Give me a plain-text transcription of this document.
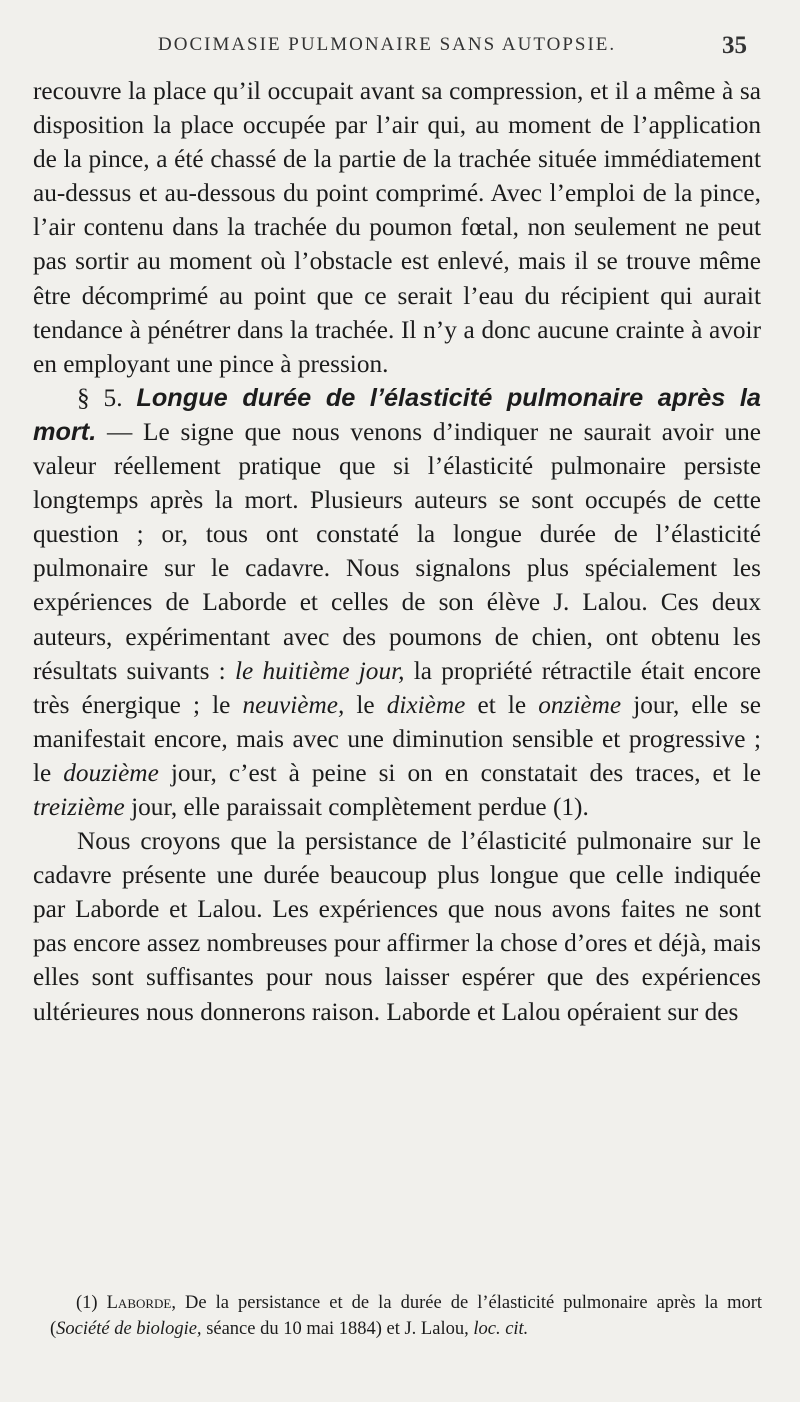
DOCIMASIE PULMONAIRE SANS AUTOPSIE.	35

recouvre la place qu’il occupait avant sa compression, et il a même à sa disposition la place occupée par l’air qui, au moment de l’application de la pince, a été chassé de la partie de la trachée située immédiatement au-dessus et au-dessous du point comprimé. Avec l’emploi de la pince, l’air contenu dans la trachée du poumon fœtal, non seulement ne peut pas sortir au moment où l’obstacle est enlevé, mais il se trouve même être décomprimé au point que ce serait l’eau du récipient qui aurait tendance à pénétrer dans la trachée. Il n’y a donc aucune crainte à avoir en employant une pince à pression.

§ 5. Longue durée de l’élasticité pulmonaire après la mort. — Le signe que nous venons d’indiquer ne saurait avoir une valeur réellement pratique que si l’élasticité pulmonaire persiste longtemps après la mort. Plusieurs auteurs se sont occupés de cette question ; or, tous ont constaté la longue durée de l’élasticité pulmonaire sur le cadavre. Nous signalons plus spécialement les expériences de Laborde et celles de son élève J. Lalou. Ces deux auteurs, expérimentant avec des poumons de chien, ont obtenu les résultats suivants : le huitième jour, la propriété rétractile était encore très énergique ; le neuvième, le dixième et le onzième jour, elle se manifestait encore, mais avec une diminution sensible et progressive ; le douzième jour, c’est à peine si on en constatait des traces, et le treizième jour, elle paraissait complètement perdue (1).

Nous croyons que la persistance de l’élasticité pulmonaire sur le cadavre présente une durée beaucoup plus longue que celle indiquée par Laborde et Lalou. Les expériences que nous avons faites ne sont pas encore assez nombreuses pour affirmer la chose d’ores et déjà, mais elles sont suffisantes pour nous laisser espérer que des expériences ultérieures nous donnerons raison. Laborde et Lalou opéraient sur des

(1) Laborde, De la persistance et de la durée de l’élasticité pulmonaire après la mort (Société de biologie, séance du 10 mai 1884) et J. Lalou, loc. cit.
